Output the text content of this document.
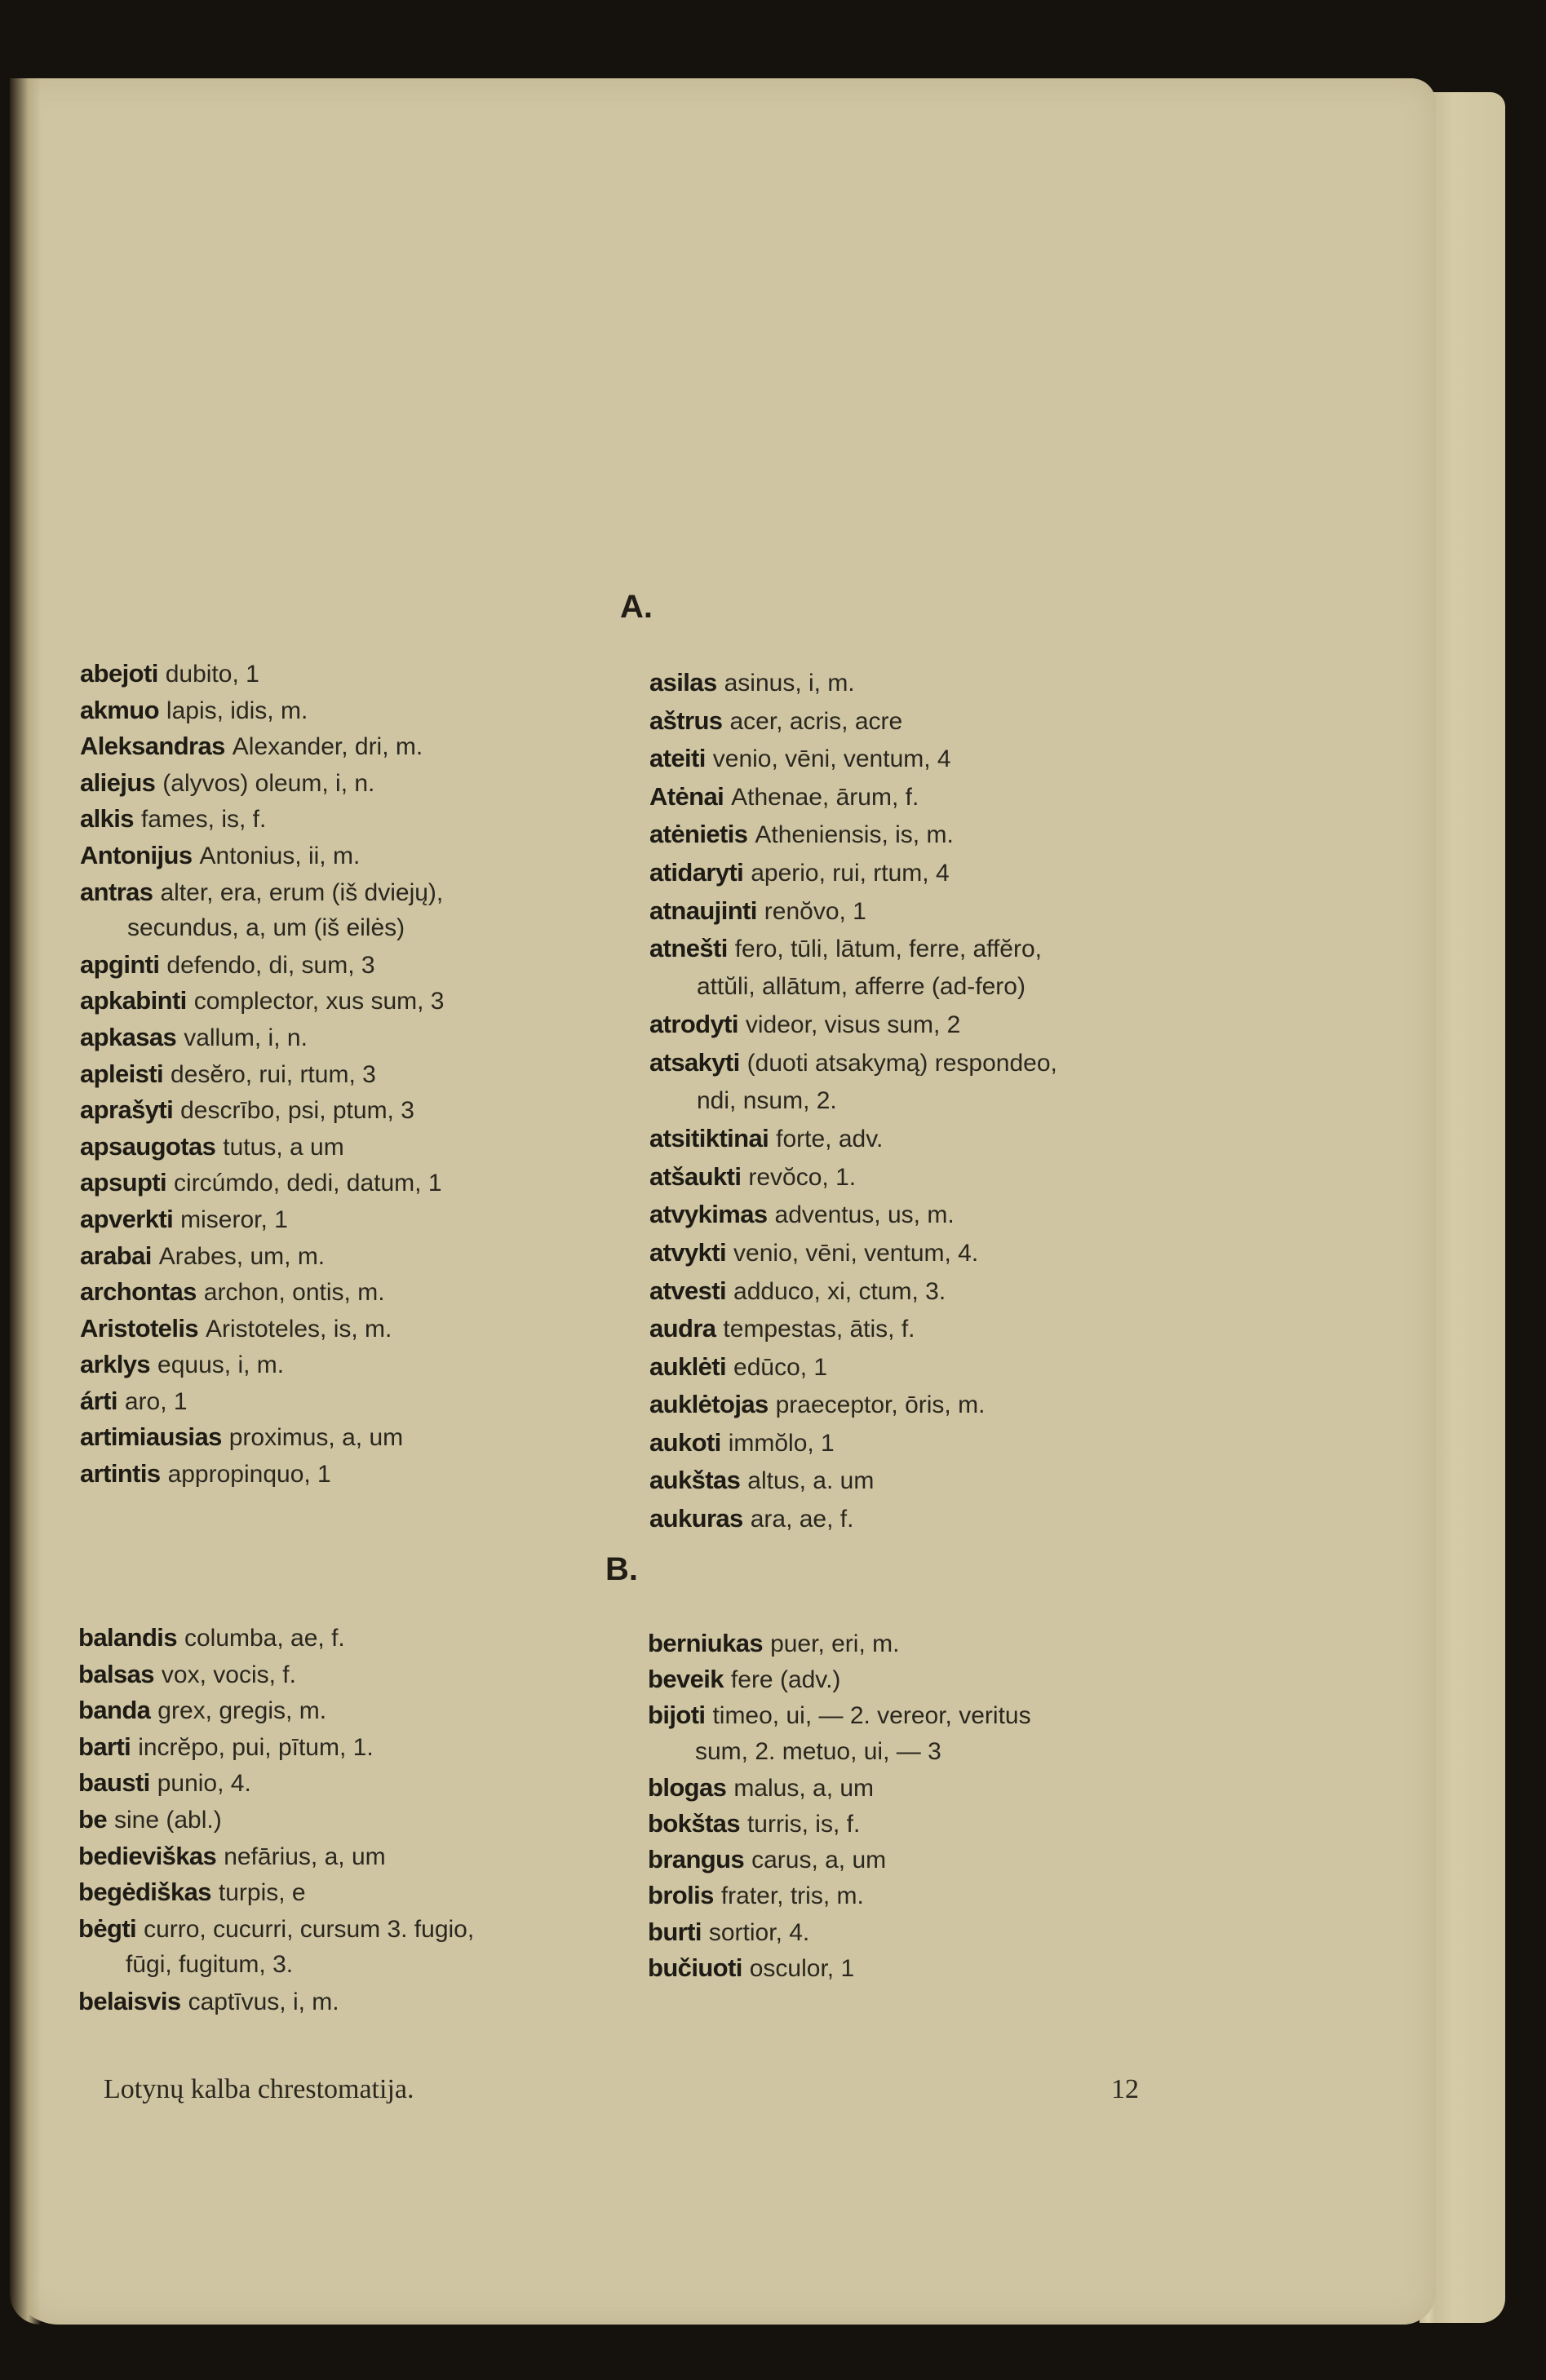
A.
abejoti dubito, 1
akmuo lapis, idis, m.
Aleksandras Alexander, dri, m.
aliejus (alyvos) oleum, i, n.
alkis fames, is, f.
Antonijus Antonius, ii, m.
antras alter, era, erum (iš dviejų),
secundus, a, um (iš eilės)
apginti defendo, di, sum, 3
apkabinti complector, xus sum, 3
apkasas vallum, i, n.
apleisti desĕro, rui, rtum, 3
aprašyti descrībo, psi, ptum, 3
apsaugotas tutus, a um
apsupti circúmdo, dedi, datum, 1
apverkti miseror, 1
arabai Arabes, um, m.
archontas archon, ontis, m.
Aristotelis Aristoteles, is, m.
arklys equus, i, m.
árti aro, 1
artimiausias proximus, a, um
artintis appropinquo, 1
asilas asinus, i, m.
aštrus acer, acris, acre
ateiti venio, vēni, ventum, 4
Atėnai Athenae, ārum, f.
atėnietis Atheniensis, is, m.
atidaryti aperio, rui, rtum, 4
atnaujinti renŏvo, 1
atnešti fero, tūli, lātum, ferre, affĕro,
attŭli, allātum, afferre (ad-fero)
atrodyti videor, visus sum, 2
atsakyti (duoti atsakymą) respondeo,
ndi, nsum, 2.
atsitiktinai forte, adv.
atšaukti revŏco, 1.
atvykimas adventus, us, m.
atvykti venio, vēni, ventum, 4.
atvesti adduco, xi, ctum, 3.
audra tempestas, ātis, f.
auklėti edūco, 1
auklėtojas praeceptor, ōris, m.
aukoti immŏlo, 1
aukštas altus, a. um
aukuras ara, ae, f.
B.
balandis columba, ae, f.
balsas vox, vocis, f.
banda grex, gregis, m.
barti incrĕpo, pui, pītum, 1.
bausti punio, 4.
be sine (abl.)
bedieviškas nefārius, a, um
begėdiškas turpis, e
bėgti curro, cucurri, cursum 3. fugio,
fūgi, fugitum, 3.
belaisvis captīvus, i, m.
berniukas puer, eri, m.
beveik fere (adv.)
bijoti timeo, ui, — 2. vereor, veritus
sum, 2. metuo, ui, — 3
blogas malus, a, um
bokštas turris, is, f.
brangus carus, a, um
brolis frater, tris, m.
burti sortior, 4.
bučiuoti osculor, 1
Lotynų kalba chrestomatija.	12
